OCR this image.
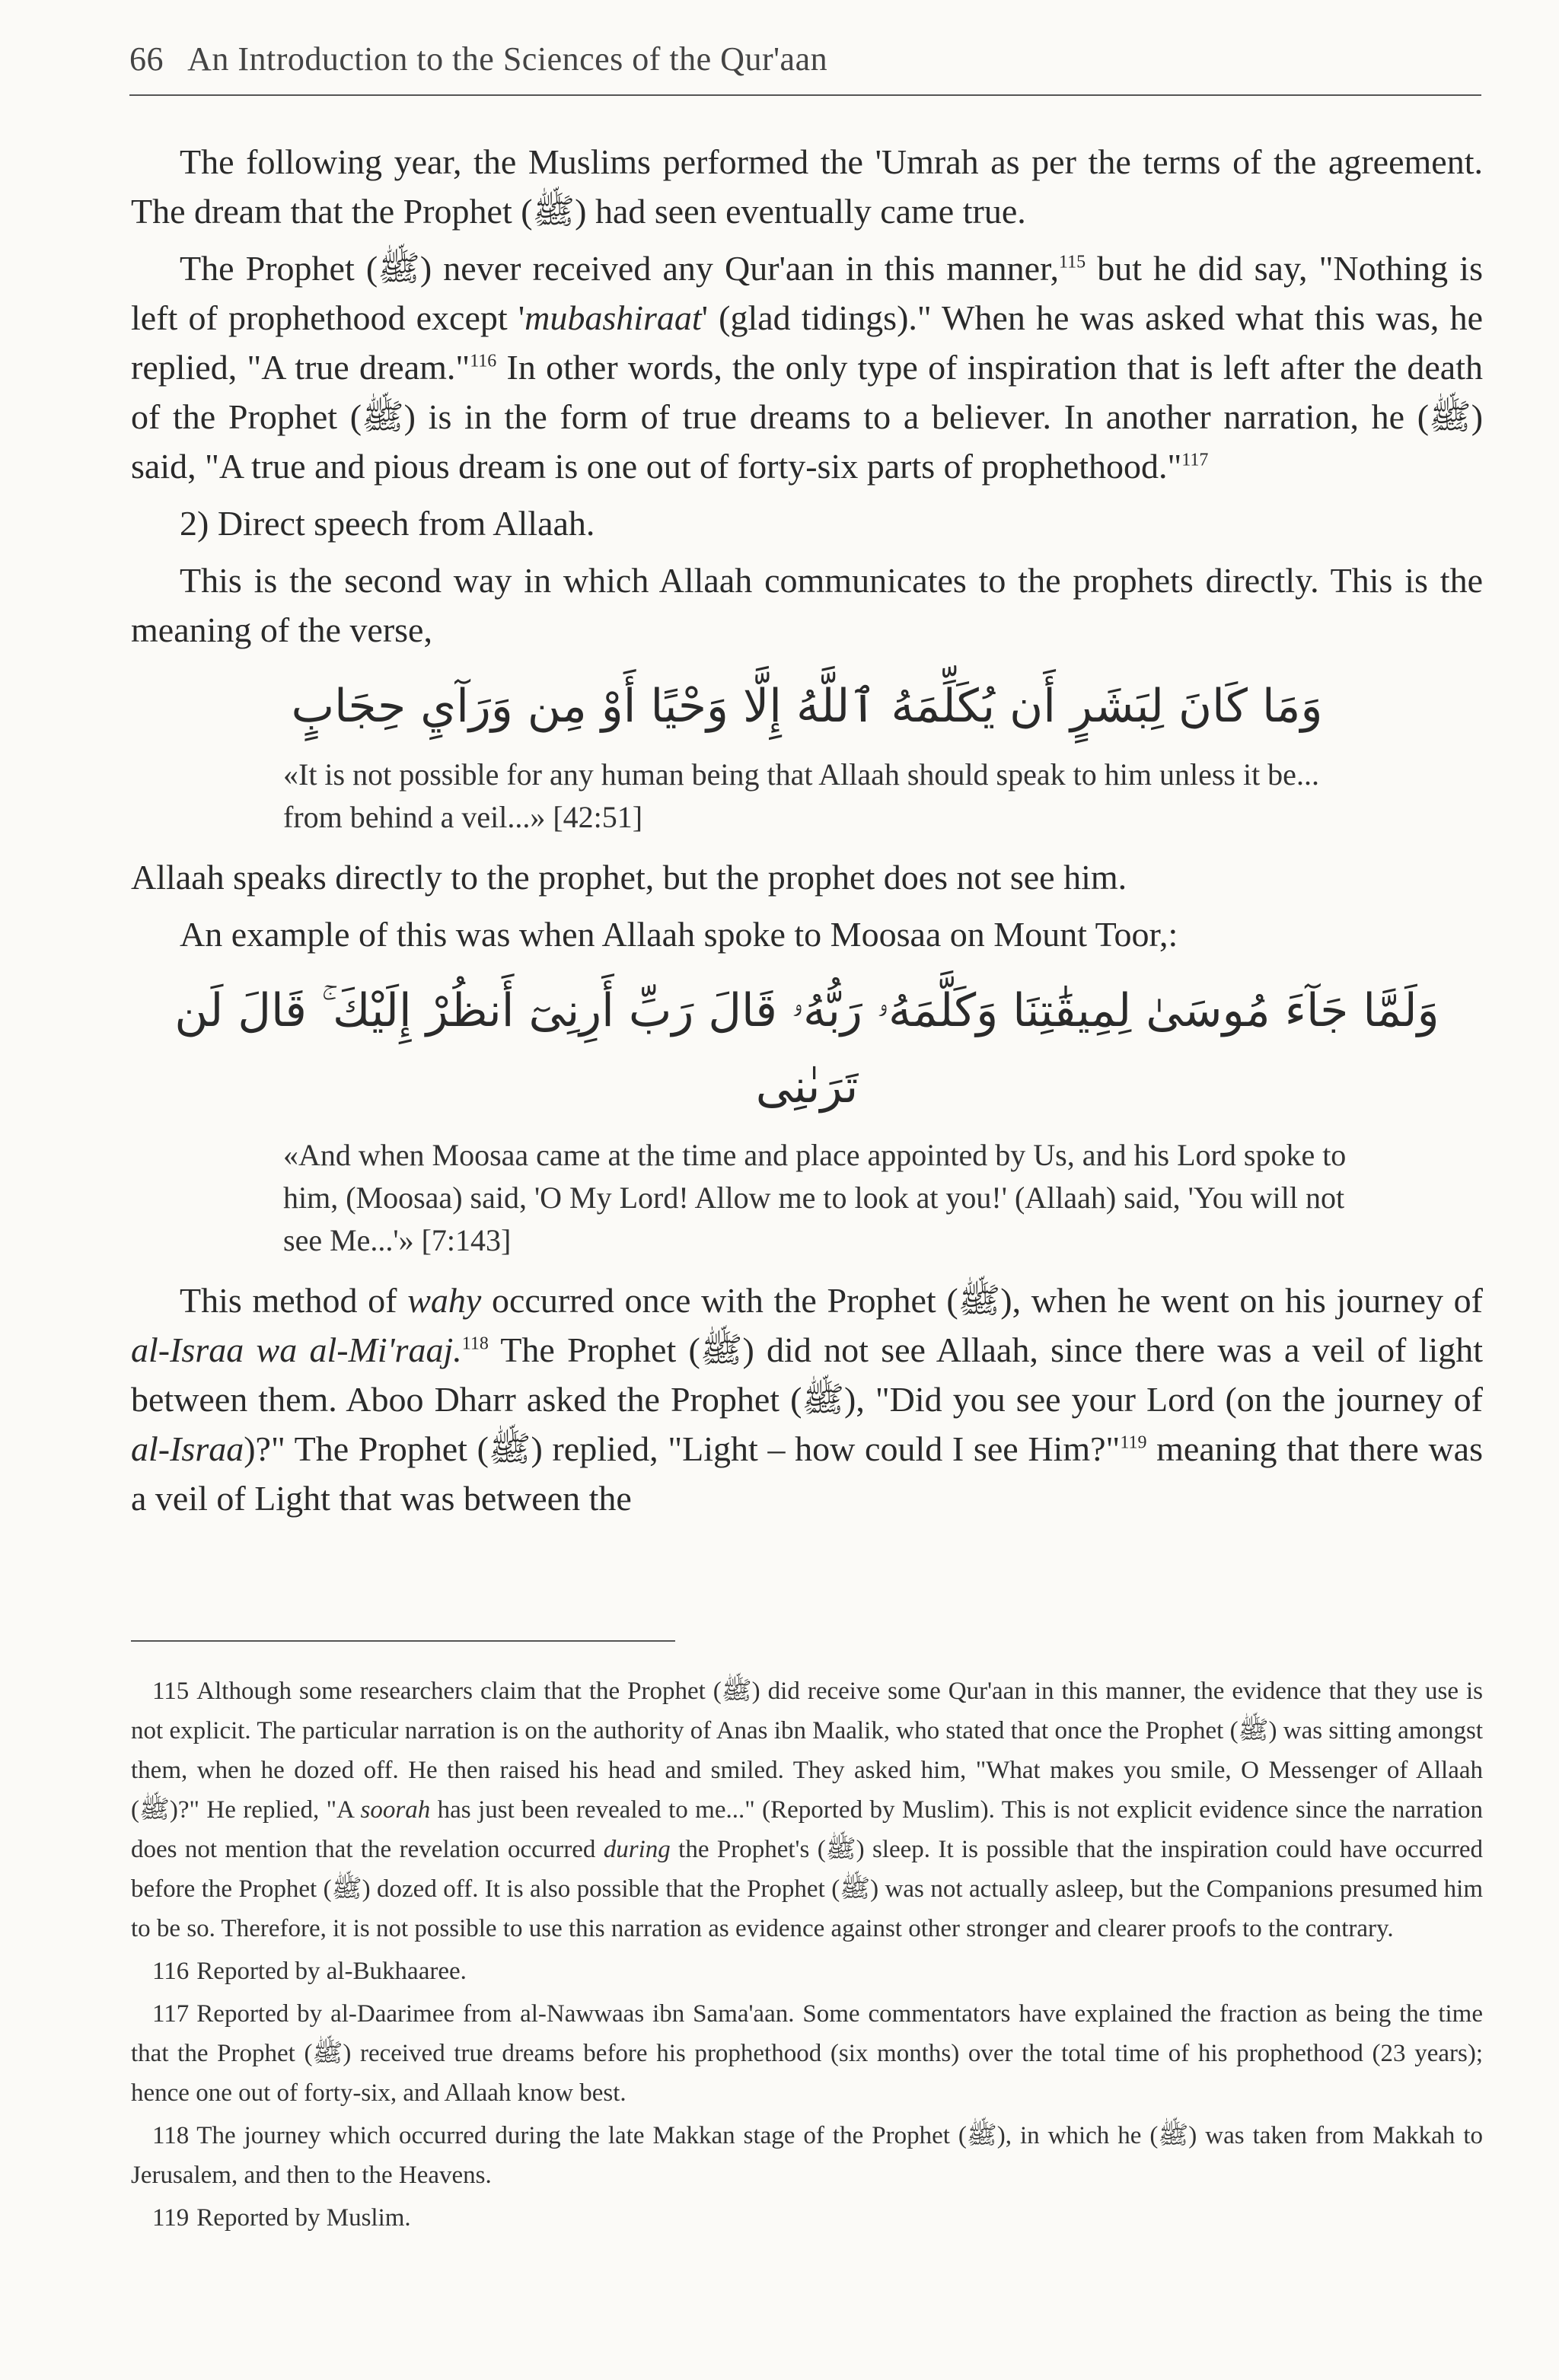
66 An Introduction to the Sciences of the Qur'aan

The following year, the Muslims performed the 'Umrah as per the terms of the agreement. The dream that the Prophet (ﷺ) had seen eventually came true.

The Prophet (ﷺ) never received any Qur'aan in this manner,$^{115}$ but he did say, "Nothing is left of prophethood except 'mubashiraat' (glad tidings)." When he was asked what this was, he replied, "A true dream."$^{116}$ In other words, the only type of inspiration that is left after the death of the Prophet (ﷺ) is in the form of true dreams to a believer. In another narration, he (ﷺ) said, "A true and pious dream is one out of forty-six parts of prophethood."$^{117}$

2) Direct speech from Allaah.

This is the second way in which Allaah communicates to the prophets directly. This is the meaning of the verse,

وَمَا كَانَ لِبَشَرٍ أَن يُكَلِّمَهُ ٱللَّهُ إِلَّا وَحْيًا أَوْ مِن وَرَآيِ حِجَابٍ
«It is not possible for any human being that Allaah should speak to him unless it be... from behind a veil...» [42:51]

Allaah speaks directly to the prophet, but the prophet does not see him.

An example of this was when Allaah spoke to Moosaa on Mount Toor,:

وَلَمَّا جَآءَ مُوسَىٰ لِمِيقَٰتِنَا وَكَلَّمَهُۥ رَبُّهُۥ قَالَ رَبِّ أَرِنِىٓ أَنظُرْ إِلَيْكَ ۚ قَالَ لَن تَرَىٰنِى
«And when Moosaa came at the time and place appointed by Us, and his Lord spoke to him, (Moosaa) said, 'O My Lord! Allow me to look at you!' (Allaah) said, 'You will not see Me...'» [7:143]

This method of wahy occurred once with the Prophet (ﷺ), when he went on his journey of al-Israa wa al-Mi'raaj.$^{118}$ The Prophet (ﷺ) did not see Allaah, since there was a veil of light between them. Aboo Dharr asked the Prophet (ﷺ), "Did you see your Lord (on the journey of al-Israa)?" The Prophet (ﷺ) replied, "Light – how could I see Him?"$^{119}$ meaning that there was a veil of Light that was between the

115 Although some researchers claim that the Prophet (ﷺ) did receive some Qur'aan in this manner, the evidence that they use is not explicit. The particular narration is on the authority of Anas ibn Maalik, who stated that once the Prophet (ﷺ) was sitting amongst them, when he dozed off. He then raised his head and smiled. They asked him, "What makes you smile, O Messenger of Allaah (ﷺ)?" He replied, "A soorah has just been revealed to me..." (Reported by Muslim). This is not explicit evidence since the narration does not mention that the revelation occurred during the Prophet's (ﷺ) sleep. It is possible that the inspiration could have occurred before the Prophet (ﷺ) dozed off. It is also possible that the Prophet (ﷺ) was not actually asleep, but the Companions presumed him to be so. Therefore, it is not possible to use this narration as evidence against other stronger and clearer proofs to the contrary.

116 Reported by al-Bukhaaree.

117 Reported by al-Daarimee from al-Nawwaas ibn Sama'aan. Some commentators have explained the fraction as being the time that the Prophet (ﷺ) received true dreams before his prophethood (six months) over the total time of his prophethood (23 years); hence one out of forty-six, and Allaah know best.

118 The journey which occurred during the late Makkan stage of the Prophet (ﷺ), in which he (ﷺ) was taken from Makkah to Jerusalem, and then to the Heavens.

119 Reported by Muslim.
